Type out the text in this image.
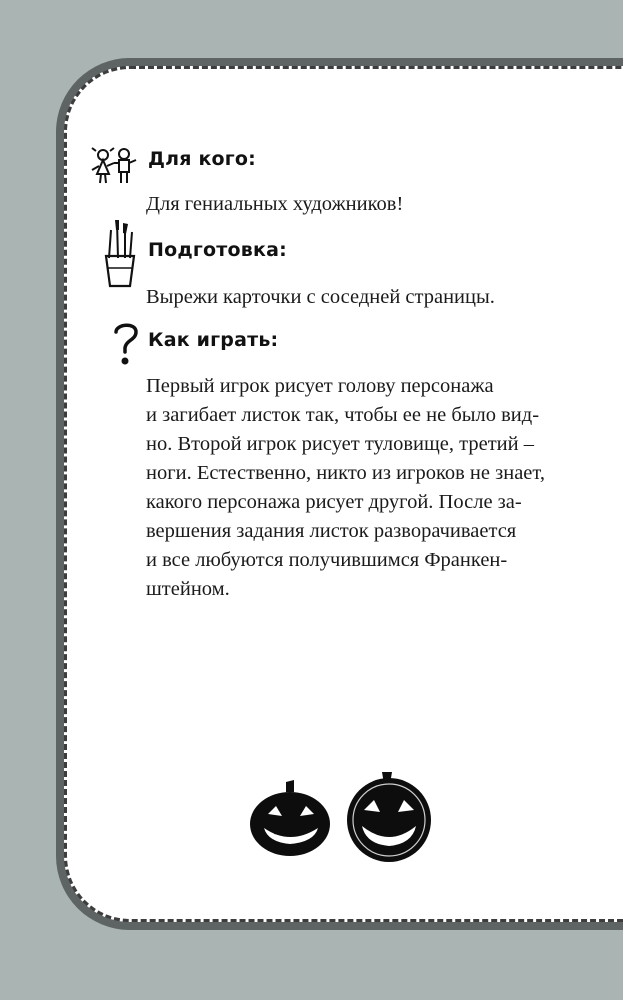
Для кого:

Для гениальных художников!

Подготовка:

Вырежи карточки с соседней страницы.

Как играть:
Первый игрок рисует голову персонажа
и загибает листок так, чтобы ее не было вид-
но. Второй игрок рисует туловище, третий –
ноги. Естественно, никто из игроков не знает,
какого персонажа рисует другой. После за-
вершения задания листок разворачивается
и все любуются получившимся Франкен-
штейном.
